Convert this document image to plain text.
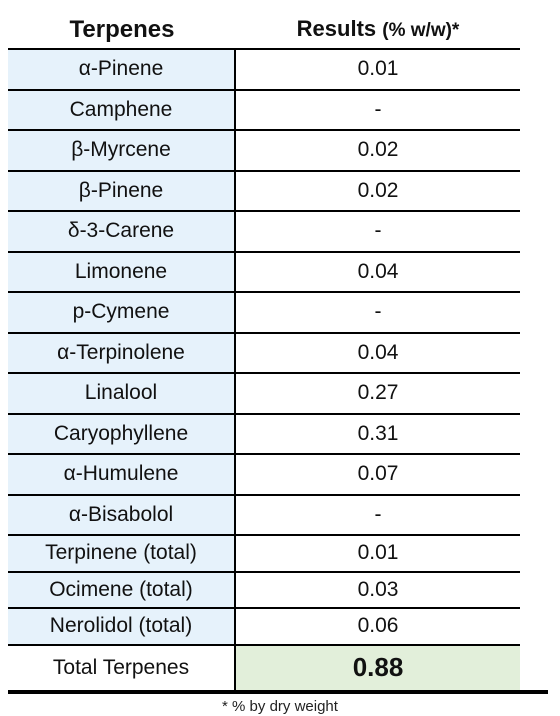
Terpenes	Results (% w/w)*
α-Pinene	0.01
Camphene	-
β-Myrcene	0.02
β-Pinene	0.02
δ-3-Carene	-
Limonene	0.04
p-Cymene	-
α-Terpinolene	0.04
Linalool	0.27
Caryophyllene	0.31
α-Humulene	0.07
α-Bisabolol	-
Terpinene (total)	0.01
Ocimene (total)	0.03
Nerolidol (total)	0.06
Total Terpenes	0.88
* % by dry weight
